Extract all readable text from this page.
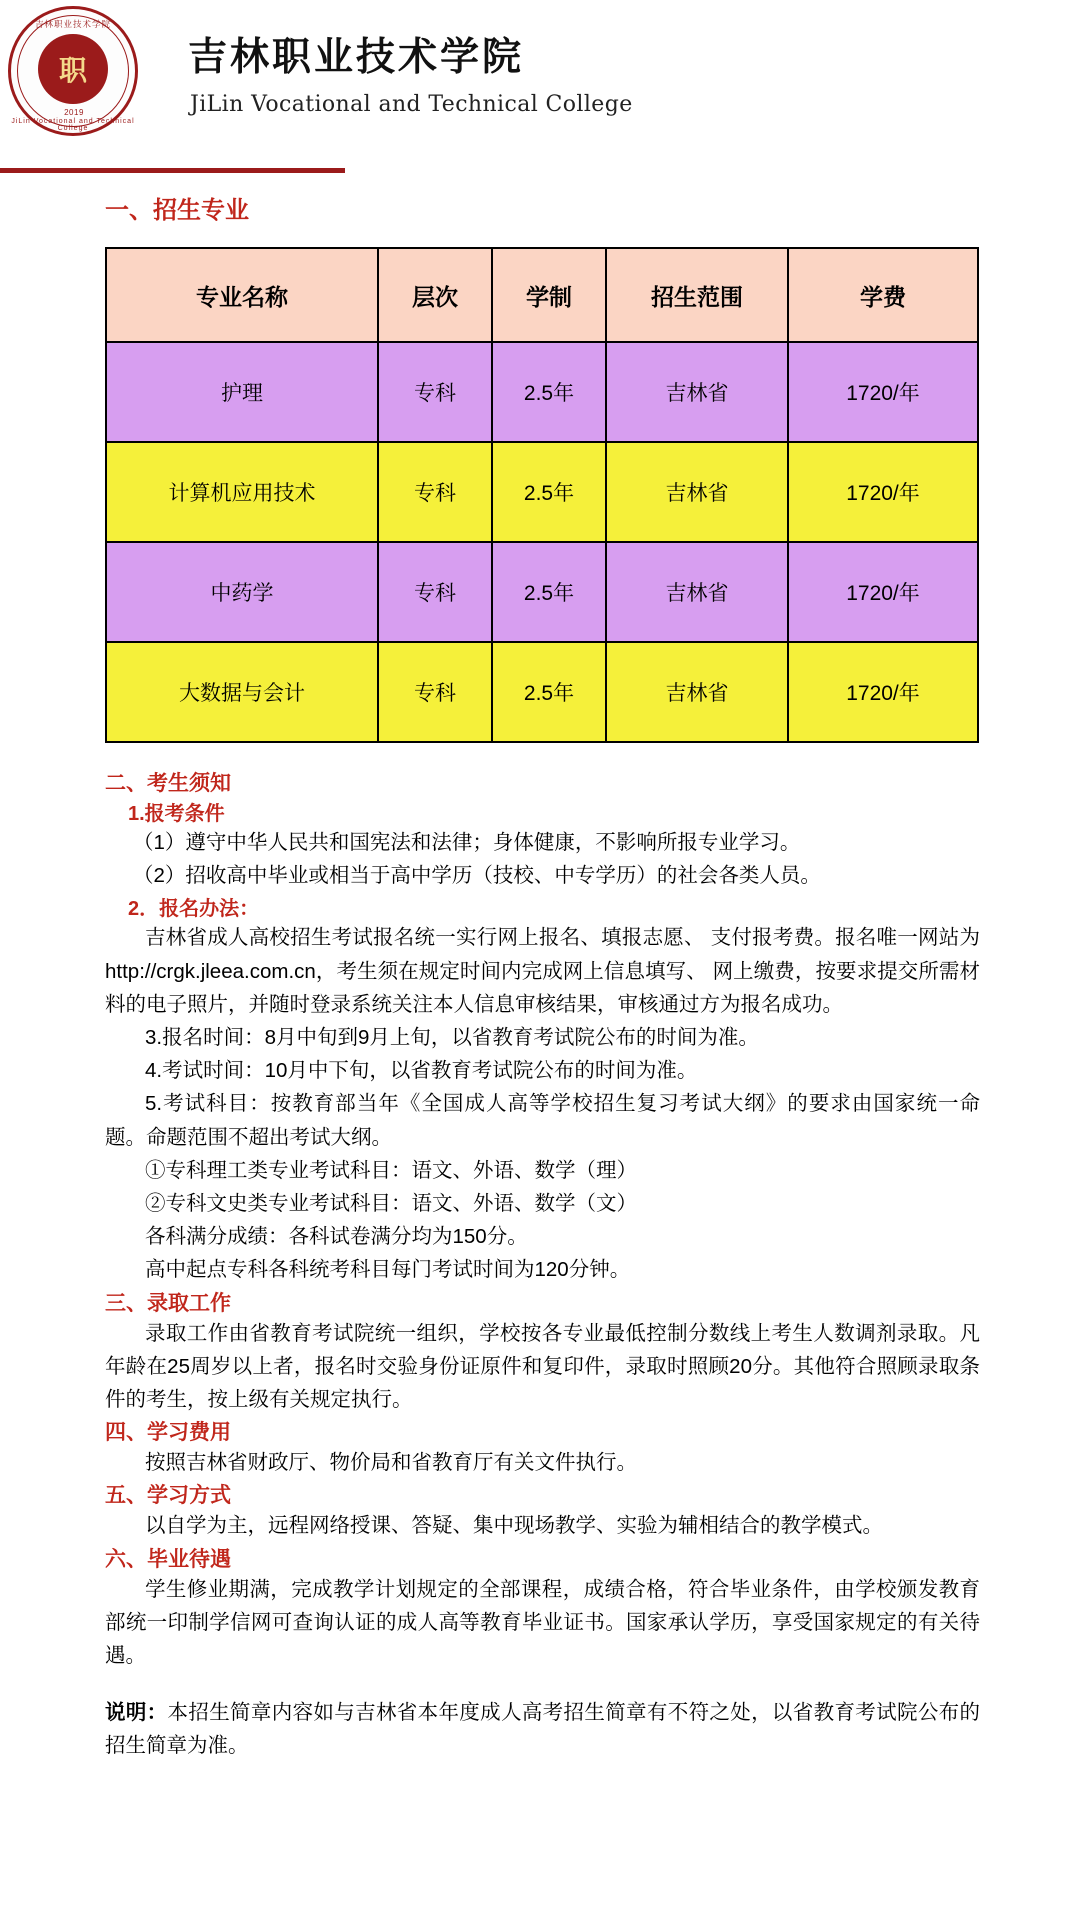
吉林职业技术学院
职
2019
JiLin Vocational and Technical College
吉林职业技术学院
JiLin Vocational and Technical College
一、招生专业
专业名称	层次	学制	招生范围	学费
护理	专科	2.5年	吉林省	1720/年
计算机应用技术	专科	2.5年	吉林省	1720/年
中药学	专科	2.5年	吉林省	1720/年
大数据与会计	专科	2.5年	吉林省	1720/年
二、考生须知
1.报考条件

（1）遵守中华人民共和国宪法和法律；身体健康，不影响所报专业学习。

（2）招收高中毕业或相当于高中学历（技校、中专学历）的社会各类人员。

2．报名办法：

吉林省成人高校招生考试报名统一实行网上报名、填报志愿、 支付报考费。报名唯一网站为 http://crgk.jleea.com.cn，考生须在规定时间内完成网上信息填写、 网上缴费，按要求提交所需材料的电子照片，并随时登录系统关注本人信息审核结果，审核通过方为报名成功。

3.报名时间：8月中旬到9月上旬，以省教育考试院公布的时间为准。

4.考试时间：10月中下旬，以省教育考试院公布的时间为准。

5.考试科目：按教育部当年《全国成人高等学校招生复习考试大纲》的要求由国家统一命题。命题范围不超出考试大纲。

①专科理工类专业考试科目：语文、外语、数学（理）

②专科文史类专业考试科目：语文、外语、数学（文）

各科满分成绩：各科试卷满分均为150分。

高中起点专科各科统考科目每门考试时间为120分钟。

三、录取工作

录取工作由省教育考试院统一组织，学校按各专业最低控制分数线上考生人数调剂录取。凡年龄在25周岁以上者，报名时交验身份证原件和复印件，录取时照顾20分。其他符合照顾录取条件的考生，按上级有关规定执行。

四、学习费用

按照吉林省财政厅、物价局和省教育厅有关文件执行。

五、学习方式

以自学为主，远程网络授课、答疑、集中现场教学、实验为辅相结合的教学模式。

六、毕业待遇

学生修业期满，完成教学计划规定的全部课程，成绩合格，符合毕业条件，由学校颁发教育部统一印制学信网可查询认证的成人高等教育毕业证书。国家承认学历，享受国家规定的有关待遇。

说明：本招生简章内容如与吉林省本年度成人高考招生简章有不符之处，以省教育考试院公布的招生简章为准。
